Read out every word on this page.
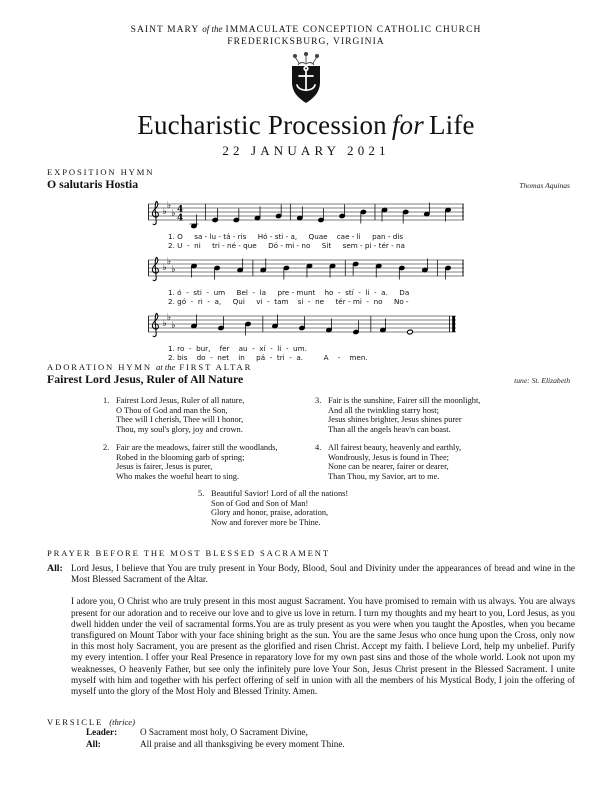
SAINT MARY of the IMMACULATE CONCEPTION CATHOLIC CHURCH
FREDERICKSBURG, VIRGINIA
Eucharistic Procession for Life
22 JANUARY 2021
EXPOSITION HYMN
O salutaris Hostia	Thomas Aquinas
♭
♭
♭ 4
4
1. O     sa - lu - tá - ris     Hó - sti - a,     Quae    cae - li     pan - dis
2. U  -  ni     tri - né - que     Dó - mi - no     Sit     sem - pi - tér - na
♭
♭
♭
1. ó  -  sti  -  um     Bel  -  la     pre - munt    ho  -  stí  -  li  -  a.     Da
2. gó  -  ri  -  a,     Qui     vi  -  tam    si  -  ne     tér - mi  -  no     No -
♭
♭
♭
1. ro  -  bur,    fer    au  -  xí  -  li  -  um.
2. bis    do  -  net    in     pá  -  tri  -  a.         A    -    men.
ADORATION HYMN at the FIRST ALTAR
Fairest Lord Jesus, Ruler of All Nature	tune: St. Elizabeth
1. Fairest Lord Jesus, Ruler of all nature,
O Thou of God and man the Son,
Thee will I cherish, Thee will I honor,
Thou, my soul's glory, joy and crown.
2. Fair are the meadows, fairer still the woodlands,
Robed in the blooming garb of spring;
Jesus is fairer, Jesus is purer,
Who makes the woeful heart to sing.
3. Fair is the sunshine, Fairer sill the moonlight,
And all the twinkling starry host;
Jesus shines brighter, Jesus shines purer
Than all the angels heav'n can boast.
4. All fairest beauty, heavenly and earthly,
Wondrously, Jesus is found in Thee;
None can be nearer, fairer or dearer,
Than Thou, my Savior, art to me.
5. Beautiful Savior! Lord of all the nations!
Son of God and Son of Man!
Glory and honor, praise, adoration,
Now and forever more be Thine.
PRAYER BEFORE THE MOST BLESSED SACRAMENT
All: Lord Jesus, I believe that You are truly present in Your Body, Blood, Soul and Divinity under the appearances of bread and wine in the Most Blessed Sacrament of the Altar.

I adore you, O Christ who are truly present in this most august Sacrament. You have promised to remain with us always. You are always present for our adoration and to receive our love and to give us love in return. I turn my thoughts and my heart to you, Lord Jesus, as you dwell hidden under the veil of sacramental forms.You are as truly present as you were when you taught the Apostles, when you became transfigured on Mount Tabor with your face shining bright as the sun. You are the same Jesus who once hung upon the Cross, only now in this most holy Sacrament, you are present as the glorified and risen Christ. Accept my faith. I believe Lord, help my unbelief. Purify my every intention. I offer your Real Presence in reparatory love for my own past sins and those of the whole world. Look not upon my weaknesses, O heavenly Father, but see only the infinitely pure love Your Son, Jesus Christ present in the Blessed Sacrament. I unite myself with him and together with his perfect offering of self in union with all the members of his Mystical Body, I join the offering of myself unto the glory of the Most Holy and Blessed Trinity. Amen.

VERSICLE (thrice)
Leader:	O Sacrament most holy, O Sacrament Divine,
All:	All praise and all thanksgiving be every moment Thine.
